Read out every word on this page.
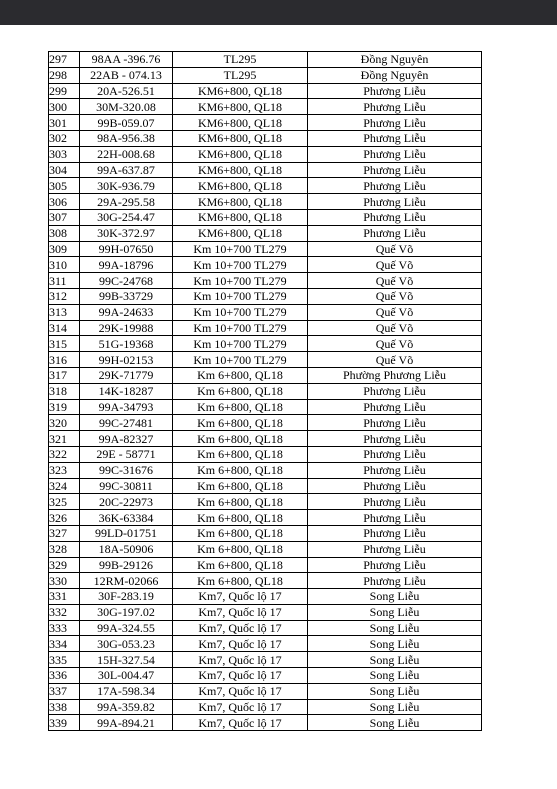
297	98AA -396.76	TL295	Đồng Nguyên
298	22AB - 074.13	TL295	Đồng Nguyên
299	20A-526.51	KM6+800, QL18	Phương Liễu
300	30M-320.08	KM6+800, QL18	Phương Liễu
301	99B-059.07	KM6+800, QL18	Phương Liễu
302	98A-956.38	KM6+800, QL18	Phương Liễu
303	22H-008.68	KM6+800, QL18	Phương Liễu
304	99A-637.87	KM6+800, QL18	Phương Liễu
305	30K-936.79	KM6+800, QL18	Phương Liễu
306	29A-295.58	KM6+800, QL18	Phương Liễu
307	30G-254.47	KM6+800, QL18	Phương Liễu
308	30K-372.97	KM6+800, QL18	Phương Liễu
309	99H-07650	Km 10+700 TL279	Quế Võ
310	99A-18796	Km 10+700 TL279	Quế Võ
311	99C-24768	Km 10+700 TL279	Quế Võ
312	99B-33729	Km 10+700 TL279	Quế Võ
313	99A-24633	Km 10+700 TL279	Quế Võ
314	29K-19988	Km 10+700 TL279	Quế Võ
315	51G-19368	Km 10+700 TL279	Quế Võ
316	99H-02153	Km 10+700 TL279	Quế Võ
317	29K-71779	Km 6+800, QL18	Phường Phương Liễu
318	14K-18287	Km 6+800, QL18	Phương Liễu
319	99A-34793	Km 6+800, QL18	Phương Liễu
320	99C-27481	Km 6+800, QL18	Phương Liễu
321	99A-82327	Km 6+800, QL18	Phương Liễu
322	29E - 58771	Km 6+800, QL18	Phương Liễu
323	99C-31676	Km 6+800, QL18	Phương Liễu
324	99C-30811	Km 6+800, QL18	Phương Liễu
325	20C-22973	Km 6+800, QL18	Phương Liễu
326	36K-63384	Km 6+800, QL18	Phương Liễu
327	99LD-01751	Km 6+800, QL18	Phương Liễu
328	18A-50906	Km 6+800, QL18	Phương Liễu
329	99B-29126	Km 6+800, QL18	Phương Liễu
330	12RM-02066	Km 6+800, QL18	Phương Liễu
331	30F-283.19	Km7, Quốc lộ 17	Song Liễu
332	30G-197.02	Km7, Quốc lộ 17	Song Liễu
333	99A-324.55	Km7, Quốc lộ 17	Song Liễu
334	30G-053.23	Km7, Quốc lộ 17	Song Liễu
335	15H-327.54	Km7, Quốc lộ 17	Song Liễu
336	30L-004.47	Km7, Quốc lộ 17	Song Liễu
337	17A-598.34	Km7, Quốc lộ 17	Song Liễu
338	99A-359.82	Km7, Quốc lộ 17	Song Liễu
339	99A-894.21	Km7, Quốc lộ 17	Song Liễu
